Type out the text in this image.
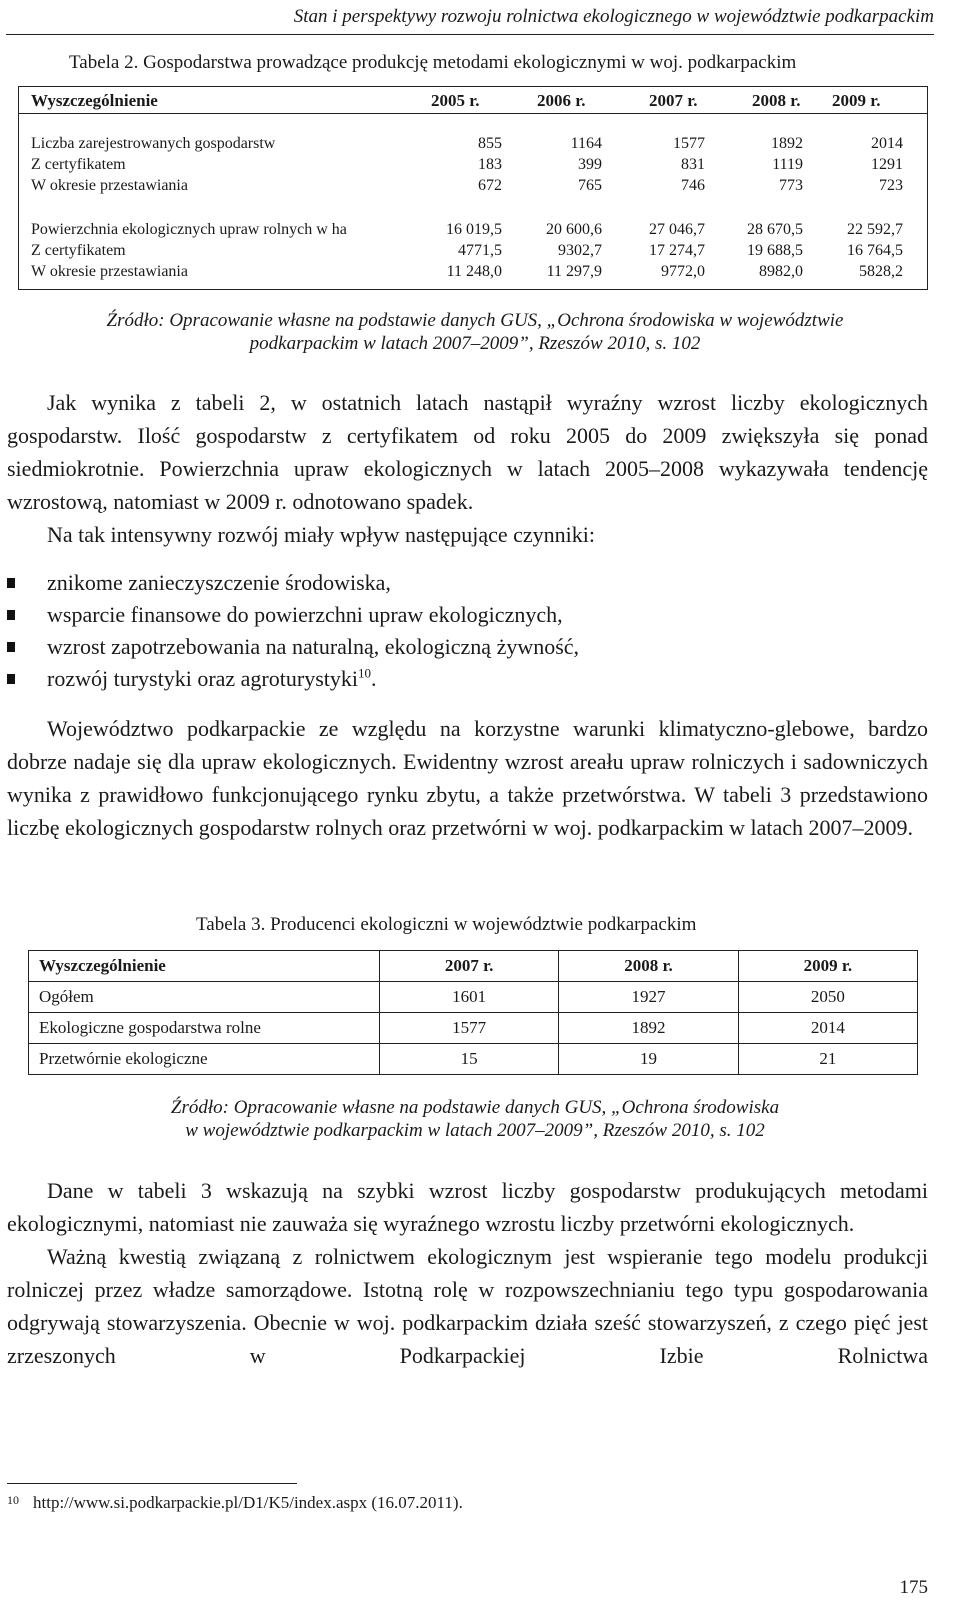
Stan i perspektywy rozwoju rolnictwa ekologicznego w województwie podkarpackim
Tabela 2. Gospodarstwa prowadzące produkcję metodami ekologicznymi w woj. podkarpackim
Wyszczególnienie	2005 r.	2006 r.	2007 r.	2008 r. 2009 r.
Liczba zarejestrowanych gospodarstw	855	1164	1577	1892	2014
Z certyfikatem	183	399	831	1119	1291
W okresie przestawiania	672	765	746	773	723
Powierzchnia ekologicznych upraw rolnych w ha	16 019,5	20 600,6	27 046,7	28 670,5	22 592,7
Z certyfikatem	4771,5	9302,7	17 274,7	19 688,5	16 764,5
W okresie przestawiania	11 248,0	11 297,9	9772,0	8982,0	5828,2
Źródło: Opracowanie własne na podstawie danych GUS, „Ochrona środowiska w województwie
podkarpackim w latach 2007–2009”, Rzeszów 2010, s. 102

Jak wynika z tabeli 2, w ostatnich latach nastąpił wyraźny wzrost liczby ekologicznych gospodarstw. Ilość gospodarstw z certyfikatem od roku 2005 do 2009 zwiększyła się ponad siedmiokrotnie. Powierzchnia upraw ekologicznych w latach 2005–2008 wykazywała tendencję wzrostową, natomiast w 2009 r. odnotowano spadek.

Na tak intensywny rozwój miały wpływ następujące czynniki:

znikome zanieczyszczenie środowiska,
wsparcie finansowe do powierzchni upraw ekologicznych,
wzrost zapotrzebowania na naturalną, ekologiczną żywność,
rozwój turystyki oraz agroturystyki$^{10}$.

Województwo podkarpackie ze względu na korzystne warunki klimatyczno-glebowe, bardzo dobrze nadaje się dla upraw ekologicznych. Ewidentny wzrost areału upraw rolniczych i sadowniczych wynika z prawidłowo funkcjonującego rynku zbytu, a także przetwórstwa. W tabeli 3 przedstawiono liczbę ekologicznych gospodarstw rolnych oraz przetwórni w woj. podkarpackim w latach 2007–2009.

Tabela 3. Producenci ekologiczni w województwie podkarpackim
Wyszczególnienie	2007 r.	2008 r.	2009 r.
Ogółem	1601	1927	2050
Ekologiczne gospodarstwa rolne	1577	1892	2014
Przetwórnie ekologiczne	15	19	21
Źródło: Opracowanie własne na podstawie danych GUS, „Ochrona środowiska
w województwie podkarpackim w latach 2007–2009”, Rzeszów 2010, s. 102

Dane w tabeli 3 wskazują na szybki wzrost liczby gospodarstw produkujących metodami ekologicznymi, natomiast nie zauważa się wyraźnego wzrostu liczby przetwórni ekologicznych.

Ważną kwestią związaną z rolnictwem ekologicznym jest wspieranie tego modelu produkcji rolniczej przez władze samorządowe. Istotną rolę w rozpowszechnianiu tego typu gospodarowania odgrywają stowarzyszenia. Obecnie w woj. podkarpackim działa sześć stowarzyszeń, z czego pięć jest zrzeszonych w Podkarpackiej Izbie Rolnictwa

$^{10}$ http://www.si.podkarpackie.pl/D1/K5/index.aspx (16.07.2011).
175
